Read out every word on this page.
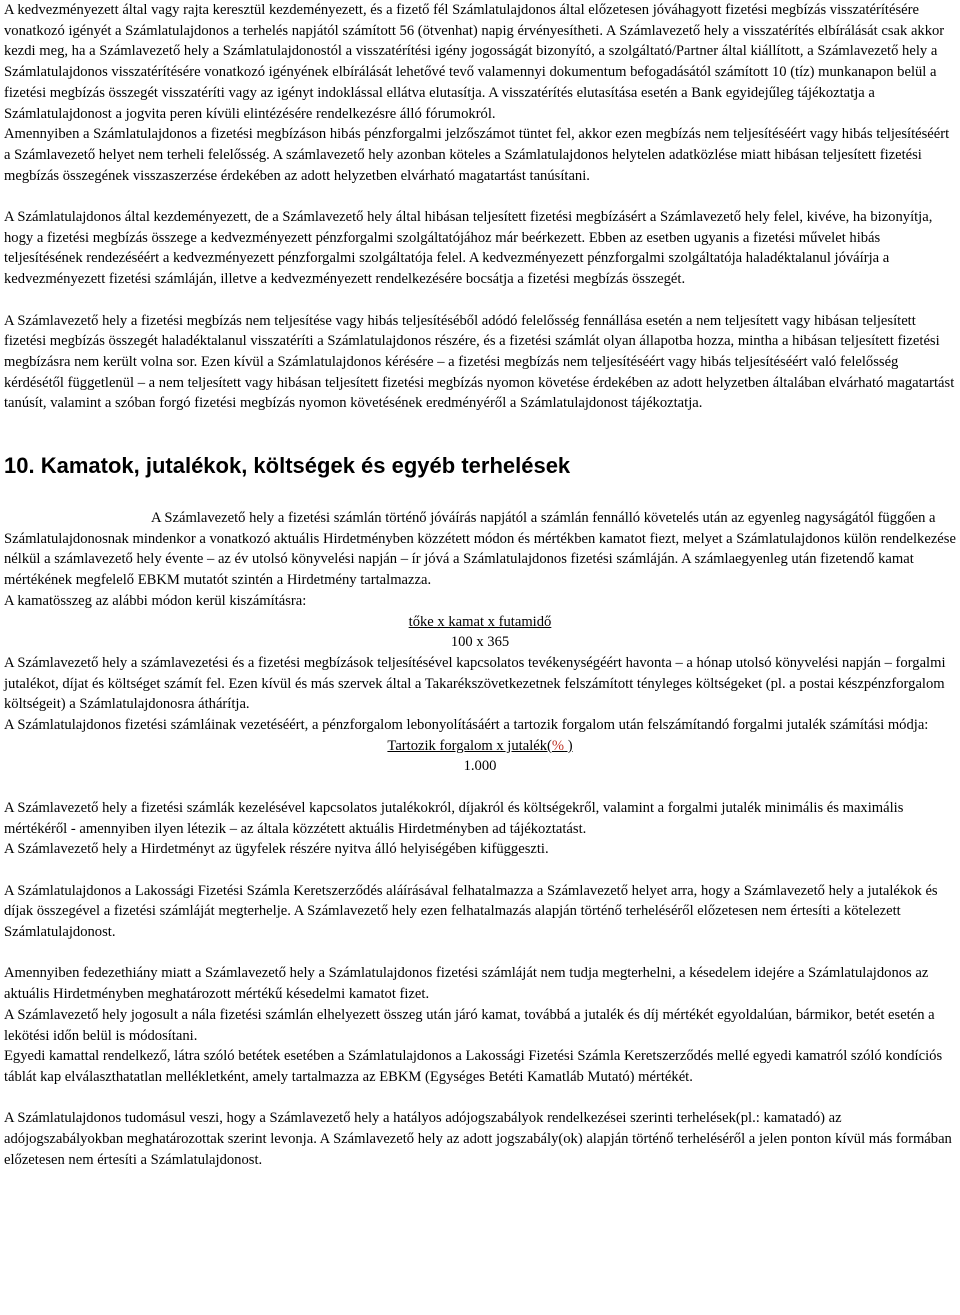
A kedvezményezett által vagy rajta keresztül kezdeményezett, és a fizető fél Számlatulajdonos által előzetesen jóváhagyott fizetési megbízás visszatérítésére vonatkozó igényét a Számlatulajdonos a terhelés napjától számított 56 (ötvenhat) napig érvényesítheti. A Számlavezető hely a visszatérítés elbírálását csak akkor kezdi meg, ha a Számlavezető hely a Számlatulajdonostól a visszatérítési igény jogosságát bizonyító, a szolgáltató/Partner által kiállított, a Számlavezető hely a Számlatulajdonos visszatérítésére vonatkozó igényének elbírálását lehetővé tevő valamennyi dokumentum befogadásától számított 10 (tíz) munkanapon belül a fizetési megbízás összegét visszatéríti vagy az igényt indoklással ellátva elutasítja. A visszatérítés elutasítása esetén a Bank egyidejűleg tájékoztatja a Számlatulajdonost a jogvita peren kívüli elintézésére rendelkezésre álló fórumokról.

Amennyiben a Számlatulajdonos a fizetési megbízáson hibás pénzforgalmi jelzőszámot tüntet fel, akkor ezen megbízás nem teljesítéséért vagy hibás teljesítéséért a Számlavezető helyet nem terheli felelősség. A számlavezető hely azonban köteles a Számlatulajdonos helytelen adatközlése miatt hibásan teljesített fizetési megbízás összegének visszaszerzése érdekében az adott helyzetben elvárható magatartást tanúsítani.

A Számlatulajdonos által kezdeményezett, de a Számlavezető hely által hibásan teljesített fizetési megbízásért a Számlavezető hely felel, kivéve, ha bizonyítja, hogy a fizetési megbízás összege a kedvezményezett pénzforgalmi szolgáltatójához már beérkezett. Ebben az esetben ugyanis a fizetési művelet hibás teljesítésének rendezéséért a kedvezményezett pénzforgalmi szolgáltatója felel. A kedvezményezett pénzforgalmi szolgáltatója haladéktalanul jóváírja a kedvezményezett fizetési számláján, illetve a kedvezményezett rendelkezésére bocsátja a fizetési megbízás összegét.

A Számlavezető hely a fizetési megbízás nem teljesítése vagy hibás teljesítéséből adódó felelősség fennállása esetén a nem teljesített vagy hibásan teljesített fizetési megbízás összegét haladéktalanul visszatéríti a Számlatulajdonos részére, és a fizetési számlát olyan állapotba hozza, mintha a hibásan teljesített fizetési megbízásra nem került volna sor. Ezen kívül a Számlatulajdonos kérésére – a fizetési megbízás nem teljesítéséért vagy hibás teljesítéséért való felelősség kérdésétől függetlenül – a nem teljesített vagy hibásan teljesített fizetési megbízás nyomon követése érdekében az adott helyzetben általában elvárható magatartást tanúsít, valamint a szóban forgó fizetési megbízás nyomon követésének eredményéről a Számlatulajdonost tájékoztatja.

10. Kamatok, jutalékok, költségek és egyéb terhelések

A Számlavezető hely a fizetési számlán történő jóváírás napjától a számlán fennálló követelés után az egyenleg nagyságától függően a Számlatulajdonosnak mindenkor a vonatkozó aktuális Hirdetményben közzétett módon és mértékben kamatot fiezt, melyet a Számlatulajdonos külön rendelkezése nélkül a számlavezető hely évente – az év utolsó könyvelési napján – ír jóvá a Számlatulajdonos fizetési számláján. A számlaegyenleg után fizetendő kamat mértékének megfelelő EBKM mutatót szintén a Hirdetmény tartalmazza.

A kamatösszeg az alábbi módon kerül kiszámításra:

tőke x kamat x futamidő

100 x 365

A Számlavezető hely a számlavezetési és a fizetési megbízások teljesítésével kapcsolatos tevékenységéért havonta – a hónap utolsó könyvelési napján – forgalmi jutalékot, díjat és költséget számít fel. Ezen kívül és más szervek által a Takarékszövetkezetnek felszámított tényleges költségeket (pl. a postai készpénzforgalom költségeit) a Számlatulajdonosra áthárítja.

A Számlatulajdonos fizetési számláinak vezetéséért, a pénzforgalom lebonyolításáért a tartozik forgalom után felszámítandó forgalmi jutalék számítási módja:

Tartozik forgalom x jutalék(% )

1.000

A Számlavezető hely a fizetési számlák kezelésével kapcsolatos jutalékokról, díjakról és költségekről, valamint a forgalmi jutalék minimális és maximális mértékéről - amennyiben ilyen létezik – az általa közzétett aktuális Hirdetményben ad tájékoztatást.

A Számlavezető hely a Hirdetményt az ügyfelek részére nyitva álló helyiségében kifüggeszti.

A Számlatulajdonos a Lakossági Fizetési Számla Keretszerződés aláírásával felhatalmazza a Számlavezető helyet arra, hogy a Számlavezető hely a jutalékok és díjak összegével a fizetési számláját megterhelje. A Számlavezető hely ezen felhatalmazás alapján történő terheléséről előzetesen nem értesíti a kötelezett Számlatulajdonost.

Amennyiben fedezethiány miatt a Számlavezető hely a Számlatulajdonos fizetési számláját nem tudja megterhelni, a késedelem idejére a Számlatulajdonos az aktuális Hirdetményben meghatározott mértékű késedelmi kamatot fizet.

A Számlavezető hely jogosult a nála fizetési számlán elhelyezett összeg után járó kamat, továbbá a jutalék és díj mértékét egyoldalúan, bármikor, betét esetén a lekötési időn belül is módosítani.

Egyedi kamattal rendelkező, látra szóló betétek esetében a Számlatulajdonos a Lakossági Fizetési Számla Keretszerződés mellé egyedi kamatról szóló kondíciós táblát kap elválaszthatatlan mellékletként, amely tartalmazza az EBKM (Egységes Betéti Kamatláb Mutató) mértékét.

A Számlatulajdonos tudomásul veszi, hogy a Számlavezető hely a hatályos adójogszabályok rendelkezései szerinti terhelések(pl.: kamatadó) az adójogszabályokban meghatározottak szerint levonja. A Számlavezető hely az adott jogszabály(ok) alapján történő terheléséről a jelen ponton kívül más formában előzetesen nem értesíti a Számlatulajdonost.
